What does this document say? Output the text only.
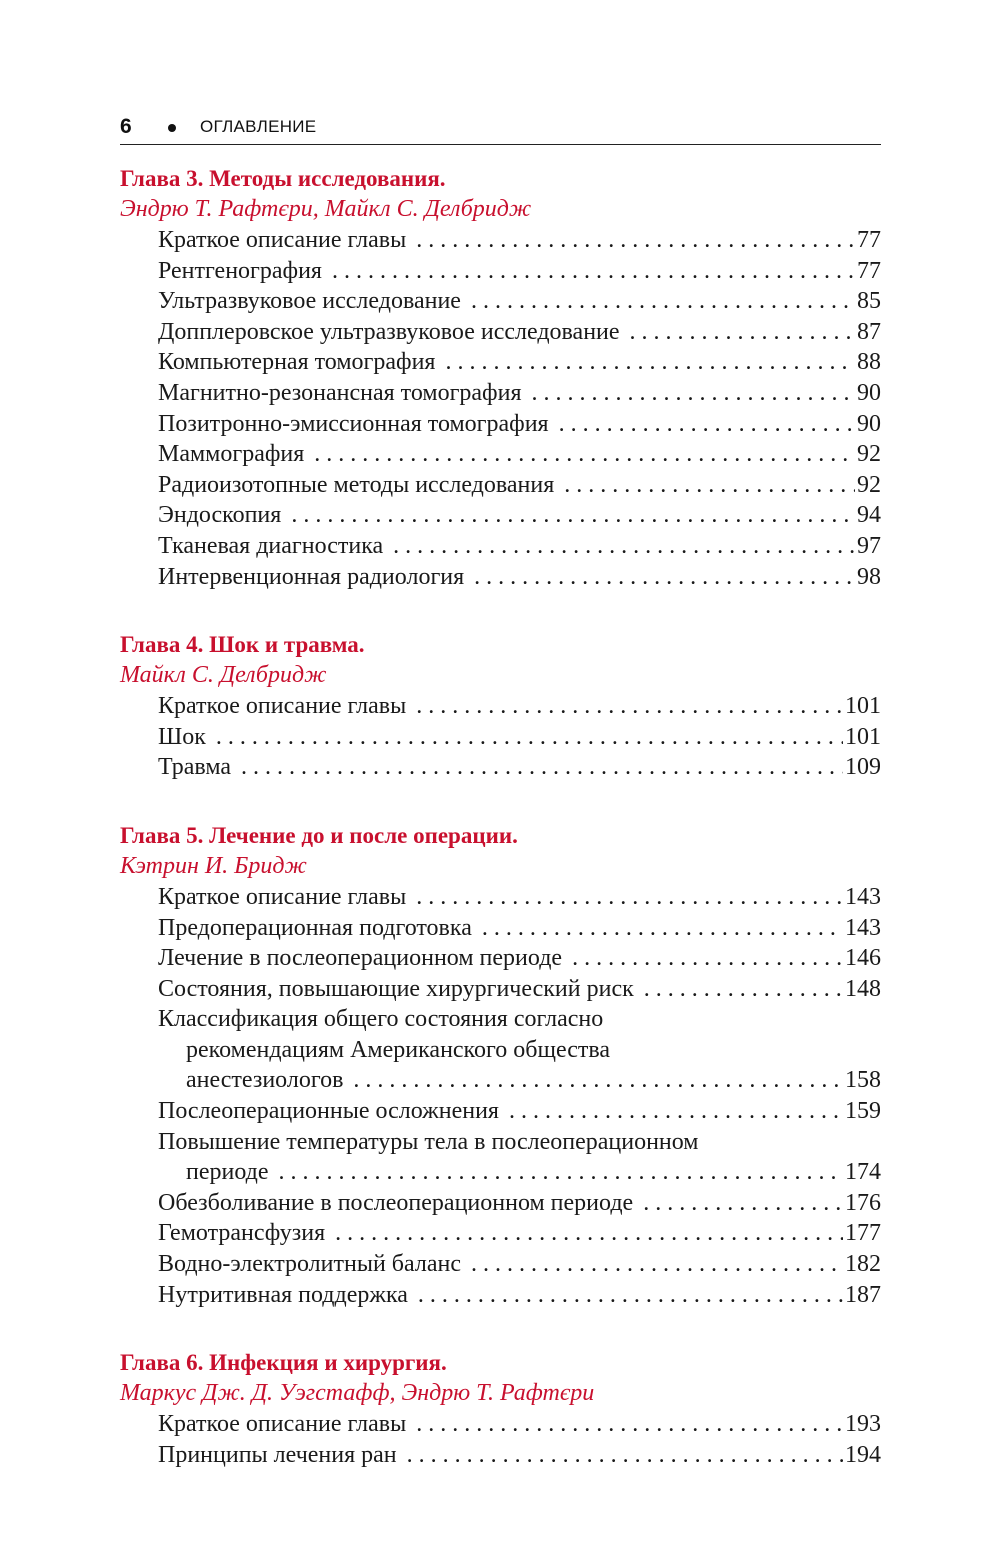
6	ОГЛАВЛЕНИЕ
Глава 3. Методы исследования.
Эндрю Т. Рафтєри, Майкл С. Делбридж
Краткое описание главы . . .	77
Рентгенография . . .	77
Ультразвуковое исследование . . .	85
Допплеровское ультразвуковое исследование . . .	87
Компьютерная томография . . .	88
Магнитно-резонансная томография . . .	90
Позитронно-эмиссионная томография . . .	90
Маммография . . .	92
Радиоизотопные методы исследования . . .	92
Эндоскопия . . .	94
Тканевая диагностика . . .	97
Интервенционная радиология . . .	98
Глава 4. Шок и травма.
Майкл С. Делбридж
Краткое описание главы . . .	101
Шок . . .	101
Травма . . .	109
Глава 5. Лечение до и после операции.
Кэтрин И. Бридж
Краткое описание главы . . .	143
Предоперационная подготовка . . .	143
Лечение в послеоперационном периоде . . .	146
Состояния, повышающие хирургический риск . . .	148
Классификация общего состояния согласно
рекомендациям Американского общества
анестезиологов . . .	158
Послеоперационные осложнения . . .	159
Повышение температуры тела в послеоперационном
периоде . . .	174
Обезболивание в послеоперационном периоде . . .	176
Гемотрансфузия . . .	177
Водно-электролитный баланс . . .	182
Нутритивная поддержка . . .	187
Глава 6. Инфекция и хирургия.
Маркус Дж. Д. Уэгстафф, Эндрю Т. Рафтєри
Краткое описание главы . . .	193
Принципы лечения ран . . .	194
